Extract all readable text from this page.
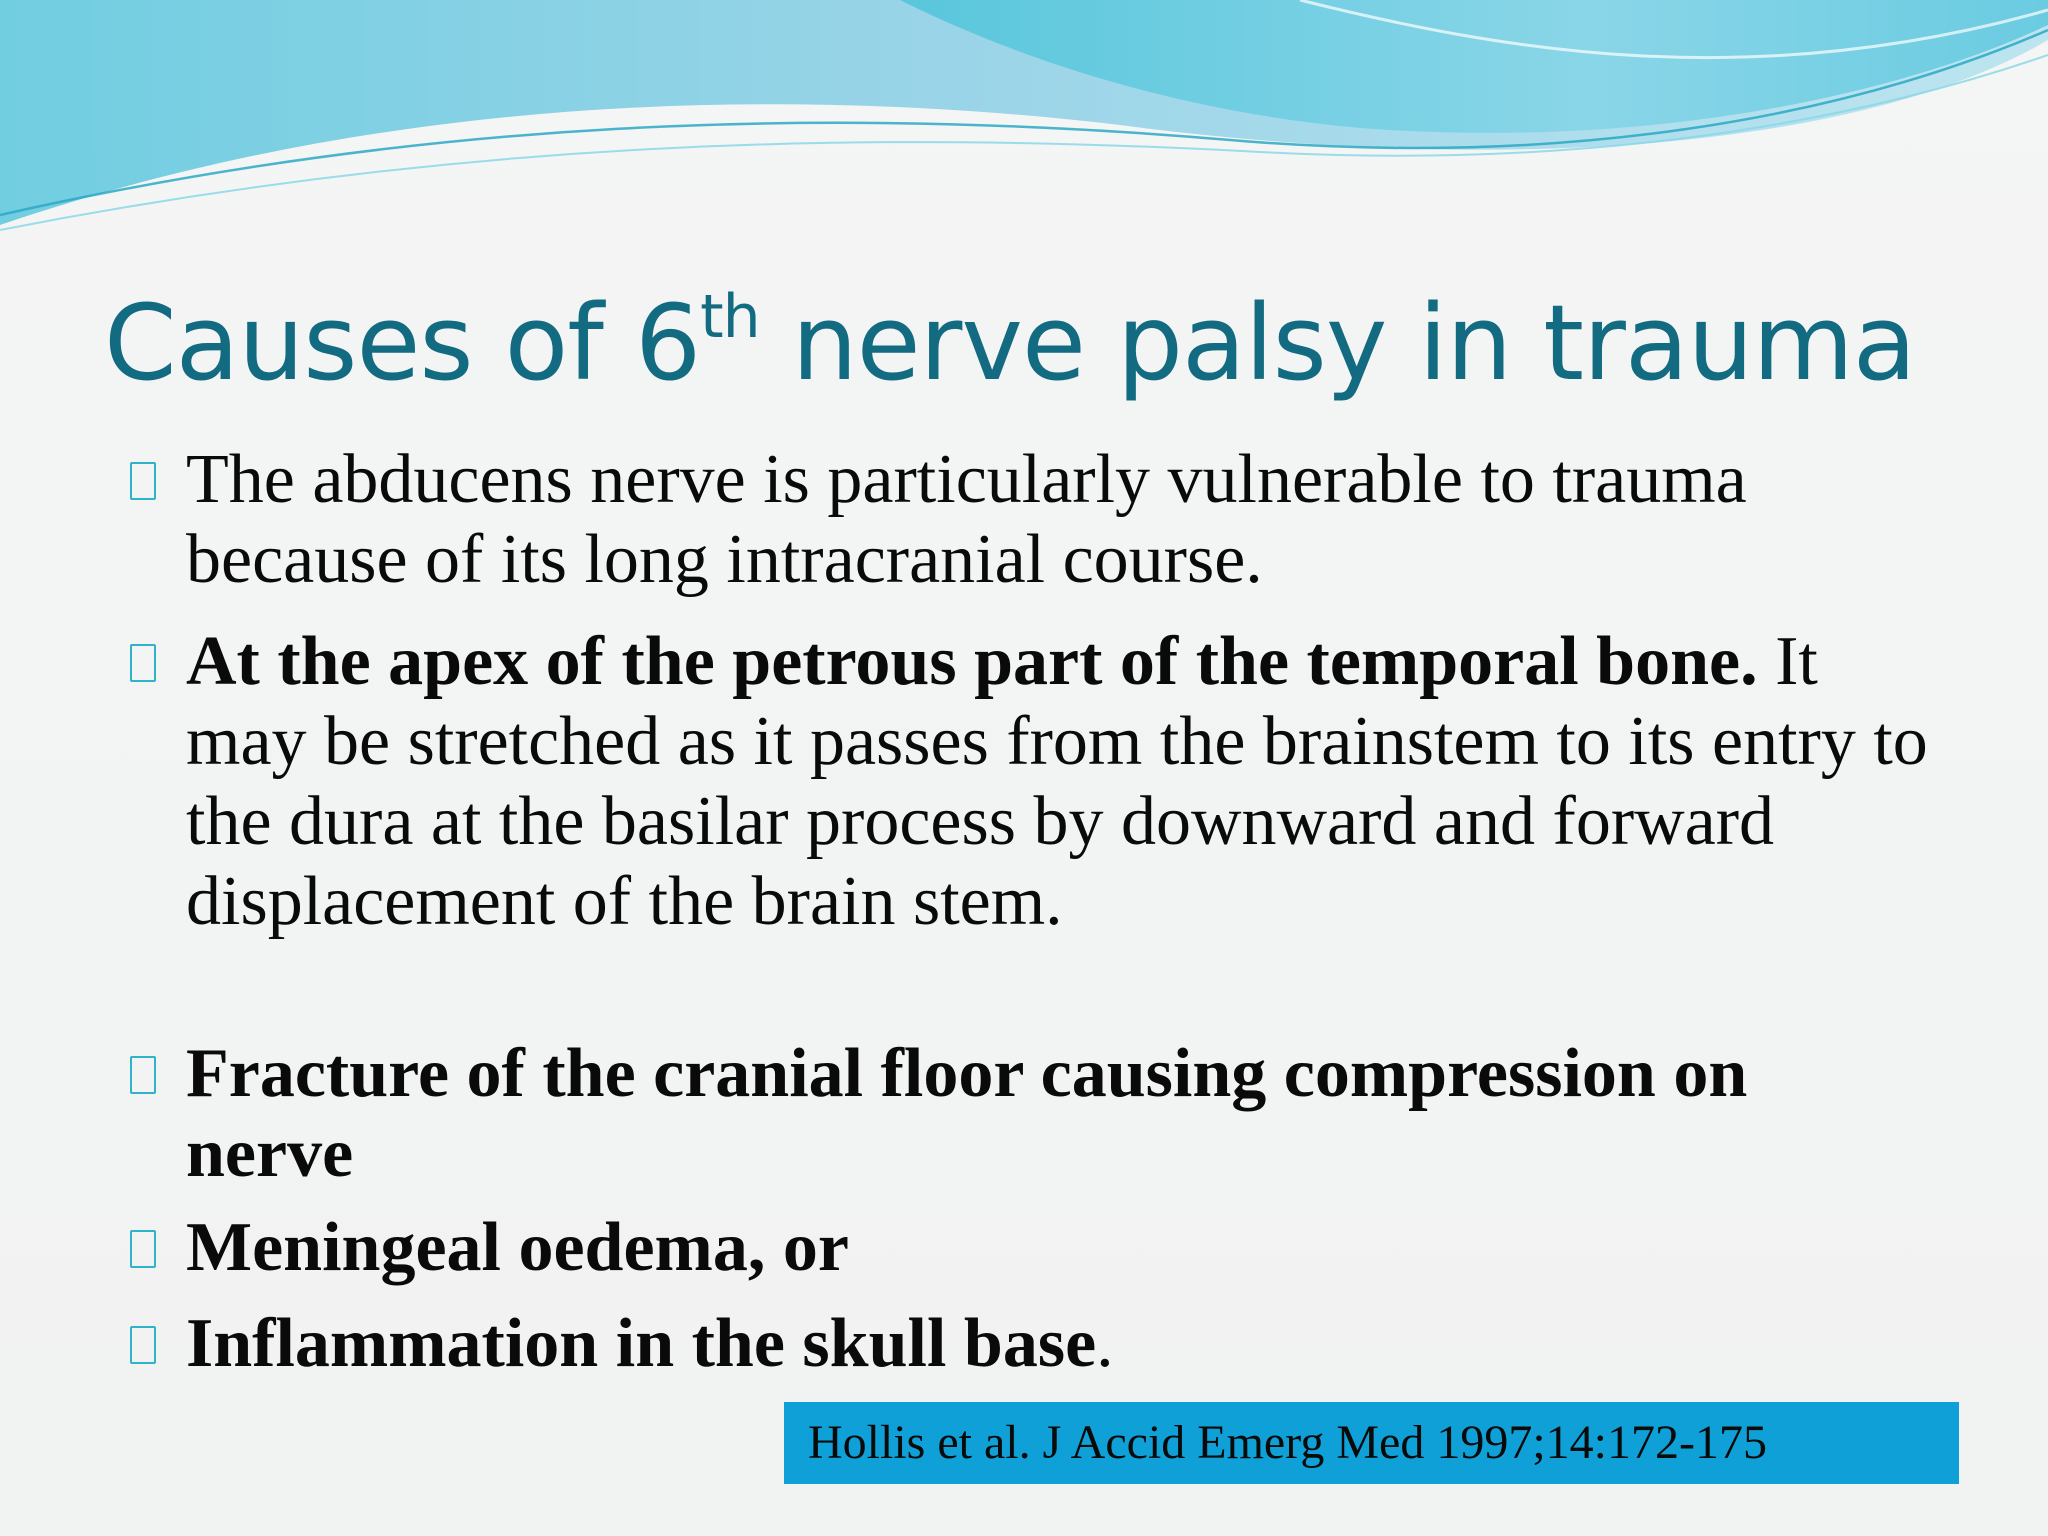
Causes of 6th nerve palsy in trauma
The abducens nerve is particularly vulnerable to trauma because of its long intracranial course.
At the apex of the petrous part of the temporal bone. It may be stretched as it passes from the brainstem to its entry to the dura at the basilar process by downward and forward displacement of the brain stem.
Fracture of the cranial floor causing compression on nerve
Meningeal oedema, or
Inflammation in the skull base.
Hollis et al. J Accid Emerg Med 1997;14:172-175
